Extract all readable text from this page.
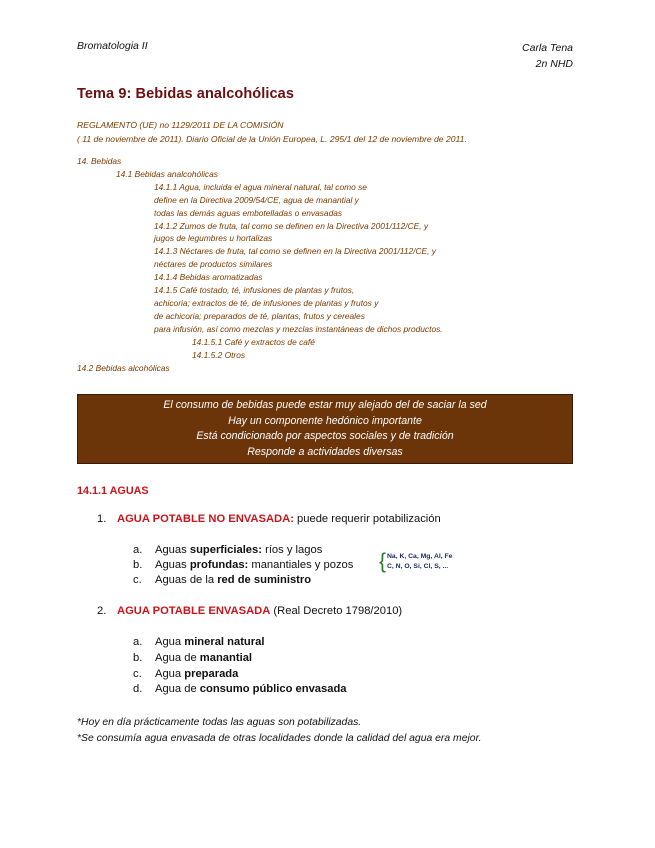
Bromatologia II	Carla Tena
2n NHD
Tema 9: Bebidas analcohólicas
REGLAMENTO (UE) no 1129/2011 DE LA COMISIÓN
( 11 de noviembre de 2011). Diario Oficial de la Unión Europea, L. 295/1 del 12 de noviembre de 2011.
14. Bebidas
14.1 Bebidas analcohólicas
14.1.1 Agua, incluida el agua mineral natural, tal como se
define en la Directiva 2009/54/CE, agua de manantial y
todas las demás aguas embotelladas o envasadas
14.1.2 Zumos de fruta, tal como se definen en la Directiva 2001/112/CE, y
jugos de legumbres u hortalizas
14.1.3 Néctares de fruta, tal como se definen en la Directiva 2001/112/CE, y
néctares de productos similares
14.1.4 Bebidas aromatizadas
14.1.5 Café tostado, té, infusiones de plantas y frutos,
achicoria; extractos de té, de infusiones de plantas y frutos y
de achicoria; preparados de té, plantas, frutos y cereales
para infusión, así como mezclas y mezclas instantáneas de dichos productos.
14.1.5.1 Café y extractos de café
14.1.5.2 Otros
14.2 Bebidas alcohólicas
El consumo de bebidas puede estar muy alejado del de saciar la sed
Hay un componente hedónico importante
Está condicionado por aspectos sociales y de tradición
Responde a actividades diversas
14.1.1 AGUAS
1. AGUA POTABLE NO ENVASADA: puede requerir potabilización
a. Aguas superficiales: ríos y lagos
b. Aguas profundas: manantiales y pozos
c. Aguas de la red de suministro
{ Na, K, Ca, Mg, Al, Fe
C, N, O, Si, Cl, S, ...
2. AGUA POTABLE ENVASADA (Real Decreto 1798/2010)
a. Agua mineral natural
b. Agua de manantial
c. Agua preparada
d. Agua de consumo público envasada
*Hoy en día prácticamente todas las aguas son potabilizadas.
*Se consumía agua envasada de otras localidades donde la calidad del agua era mejor.
